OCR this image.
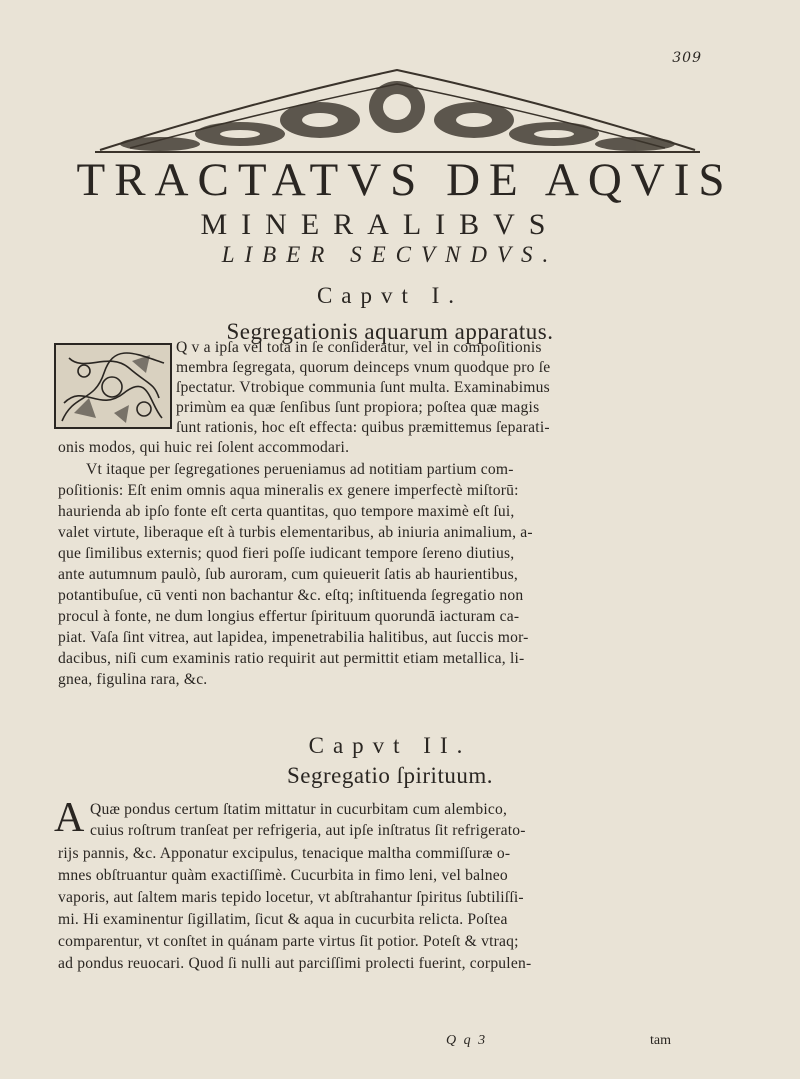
309
TRACTATVS DE AQVIS
MINERALIBVS
LIBER SECVNDVS.
Capvt I.
Segregationis aquarum apparatus.
Q v a ipſa vel tota in ſe conſideratur, vel in compoſitionis
membra ſegregata, quorum deinceps vnum quodque pro ſe
ſpectatur. Vtrobique communia ſunt multa. Examinabimus
primùm ea quæ ſenſibus ſunt propiora; poſtea quæ magis
ſunt rationis, hoc eſt effecta: quibus præmittemus ſeparati-
onis modos, qui huic rei ſolent accommodari.
Vt itaque per ſegregationes perueniamus ad notitiam partium com-
poſitionis: Eſt enim omnis aqua mineralis ex genere imperfectè miſtorū:
haurienda ab ipſo fonte eſt certa quantitas, quo tempore maximè eſt ſui,
valet virtute, liberaque eſt à turbis elementaribus, ab iniuria animalium, a-
que ſimilibus externis; quod fieri poſſe iudicant tempore ſereno diutius,
ante autumnum paulò, ſub auroram, cum quieuerit ſatis ab haurientibus,
potantibuſue, cū venti non bachantur &c. eſtq; inſtituenda ſegregatio non
procul à fonte, ne dum longius effertur ſpirituum quorundā iacturam ca-
piat. Vaſa ſint vitrea, aut lapidea, impenetrabilia halitibus, aut ſuccis mor-
dacibus, niſi cum examinis ratio requirit aut permittit etiam metallica, li-
gnea, figulina rara, &c.
Capvt II.
Segregatio ſpirituum.
A Quæ pondus certum ſtatim mittatur in cucurbitam cum alembico,
cuius roſtrum tranſeat per refrigeria, aut ipſe inſtratus ſit refrigerato-
rijs pannis, &c. Apponatur excipulus, tenacique maltha commiſſuræ o-
mnes obſtruantur quàm exactiſſimè. Cucurbita in fimo leni, vel balneo
vaporis, aut ſaltem maris tepido locetur, vt abſtrahantur ſpiritus ſubtiliſſi-
mi. Hi examinentur ſigillatim, ſicut & aqua in cucurbita relicta. Poſtea
comparentur, vt conſtet in quánam parte virtus ſit potior. Poteſt & vtraq;
ad pondus reuocari. Quod ſi nulli aut parciſſimi prolecti fuerint, corpulen-
Q q 3	tam
